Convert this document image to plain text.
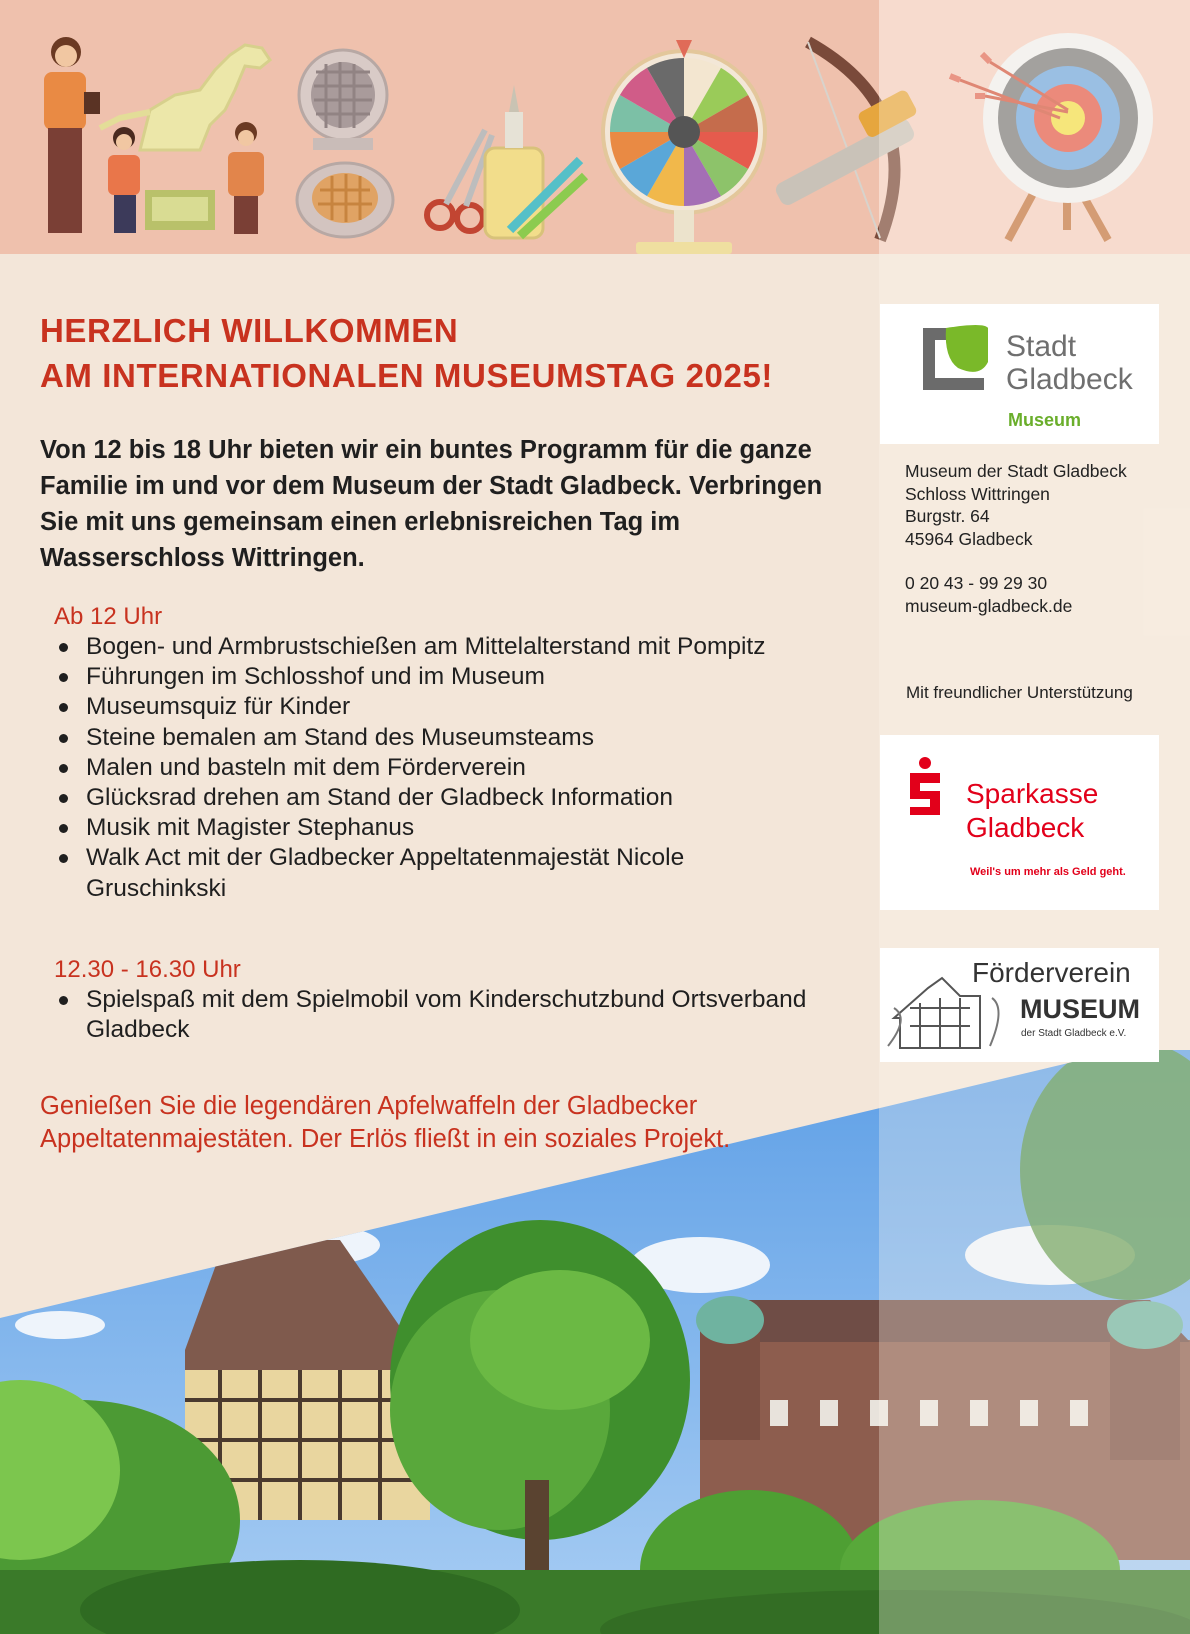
HERZLICH WILLKOMMEN
AM INTERNATIONALEN MUSEUMSTAG 2025!

Von 12 bis 18 Uhr bieten wir ein buntes Programm für die ganze Familie im und vor dem Museum der Stadt Gladbeck. Verbringen Sie mit uns gemeinsam einen erlebnisreichen Tag im Wasserschloss Wittringen.

Ab 12 Uhr
Bogen- und Armbrustschießen am Mittelalterstand mit Pompitz
Führungen im Schlosshof und im Museum
Museumsquiz für Kinder
Steine bemalen am Stand des Museumsteams
Malen und basteln mit dem Förderverein
Glücksrad drehen am Stand der Gladbeck Information
Musik mit Magister Stephanus
Walk Act mit der Gladbecker Appeltatenmajestät Nicole Gruschinkski
12.30 - 16.30 Uhr
Spielspaß mit dem Spielmobil vom Kinderschutzbund Ortsverband Gladbeck

Genießen Sie die legendären Apfelwaffeln der Gladbecker Appeltatenmajestäten. Der Erlös fließt in ein soziales Projekt.

Stadt
Gladbeck
Museum
Museum der Stadt Gladbeck
Schloss Wittringen
Burgstr. 64
45964 Gladbeck
0 20 43 - 99 29 30
museum-gladbeck.de
Mit freundlicher Unterstützung
Sparkasse
Gladbeck
Weil's um mehr als Geld geht.
Förderverein
MUSEUM
der Stadt Gladbeck e.V.
